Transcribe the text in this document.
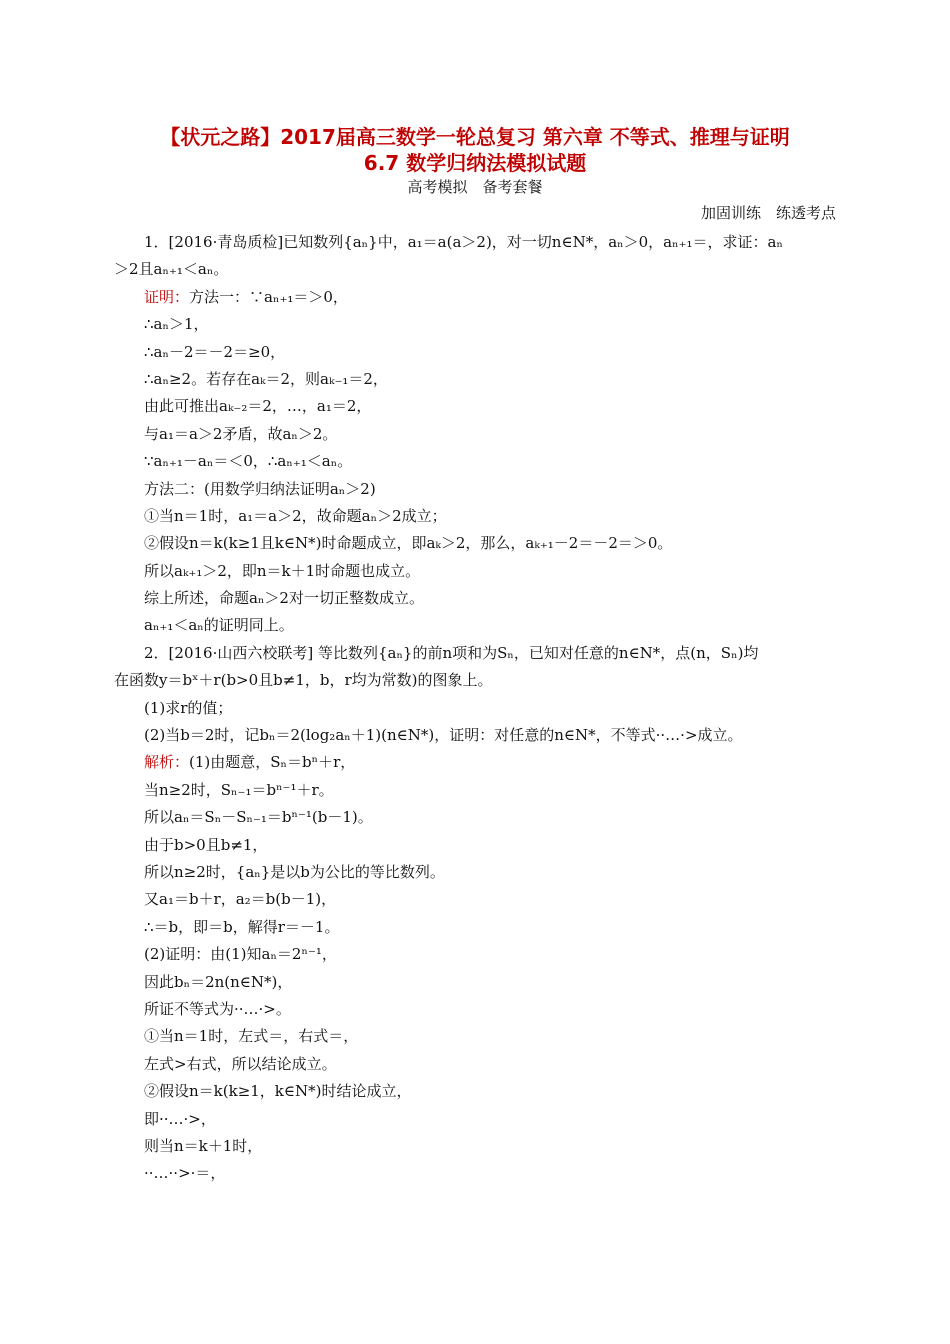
【状元之路】2017届高三数学一轮总复习 第六章 不等式、推理与证明
6.7 数学归纳法模拟试题
高考模拟　备考套餐
加固训练　练透考点
1．[2016·青岛质检]已知数列{aₙ}中，a₁＝a(a＞2)，对一切n∈N*，aₙ＞0，aₙ₊₁＝，求证：aₙ
＞2且aₙ₊₁＜aₙ。
证明：方法一：∵aₙ₊₁＝＞0，
∴aₙ＞1，
∴aₙ－2＝－2＝≥0，
∴aₙ≥2。若存在aₖ＝2，则aₖ₋₁＝2，
由此可推出aₖ₋₂＝2，…，a₁＝2，
与a₁＝a＞2矛盾，故aₙ＞2。
∵aₙ₊₁－aₙ＝＜0，∴aₙ₊₁＜aₙ。
方法二：(用数学归纳法证明aₙ＞2)
①当n＝1时，a₁＝a＞2，故命题aₙ＞2成立；
②假设n＝k(k≥1且k∈N*)时命题成立，即aₖ＞2，那么，aₖ₊₁－2＝－2＝＞0。
所以aₖ₊₁＞2，即n＝k＋1时命题也成立。
综上所述，命题aₙ＞2对一切正整数成立。
aₙ₊₁＜aₙ的证明同上。
2．[2016·山西六校联考] 等比数列{aₙ}的前n项和为Sₙ，已知对任意的n∈N*，点(n，Sₙ)均
在函数y＝bˣ＋r(b>0且b≠1，b，r均为常数)的图象上。
(1)求r的值；
(2)当b＝2时，记bₙ＝2(log₂aₙ＋1)(n∈N*)，证明：对任意的n∈N*，不等式··…·>成立。
解析：(1)由题意，Sₙ＝bⁿ＋r，
当n≥2时，Sₙ₋₁＝bⁿ⁻¹＋r。
所以aₙ＝Sₙ－Sₙ₋₁＝bⁿ⁻¹(b－1)。
由于b>0且b≠1，
所以n≥2时，{aₙ}是以b为公比的等比数列。
又a₁＝b＋r，a₂＝b(b－1)，
∴＝b，即＝b，解得r＝－1。
(2)证明：由(1)知aₙ＝2ⁿ⁻¹，
因此bₙ＝2n(n∈N*)，
所证不等式为··…·>。
①当n＝1时，左式＝，右式＝，
左式>右式，所以结论成立。
②假设n＝k(k≥1，k∈N*)时结论成立，
即··…·>，
则当n＝k＋1时，
··…··>·＝，
